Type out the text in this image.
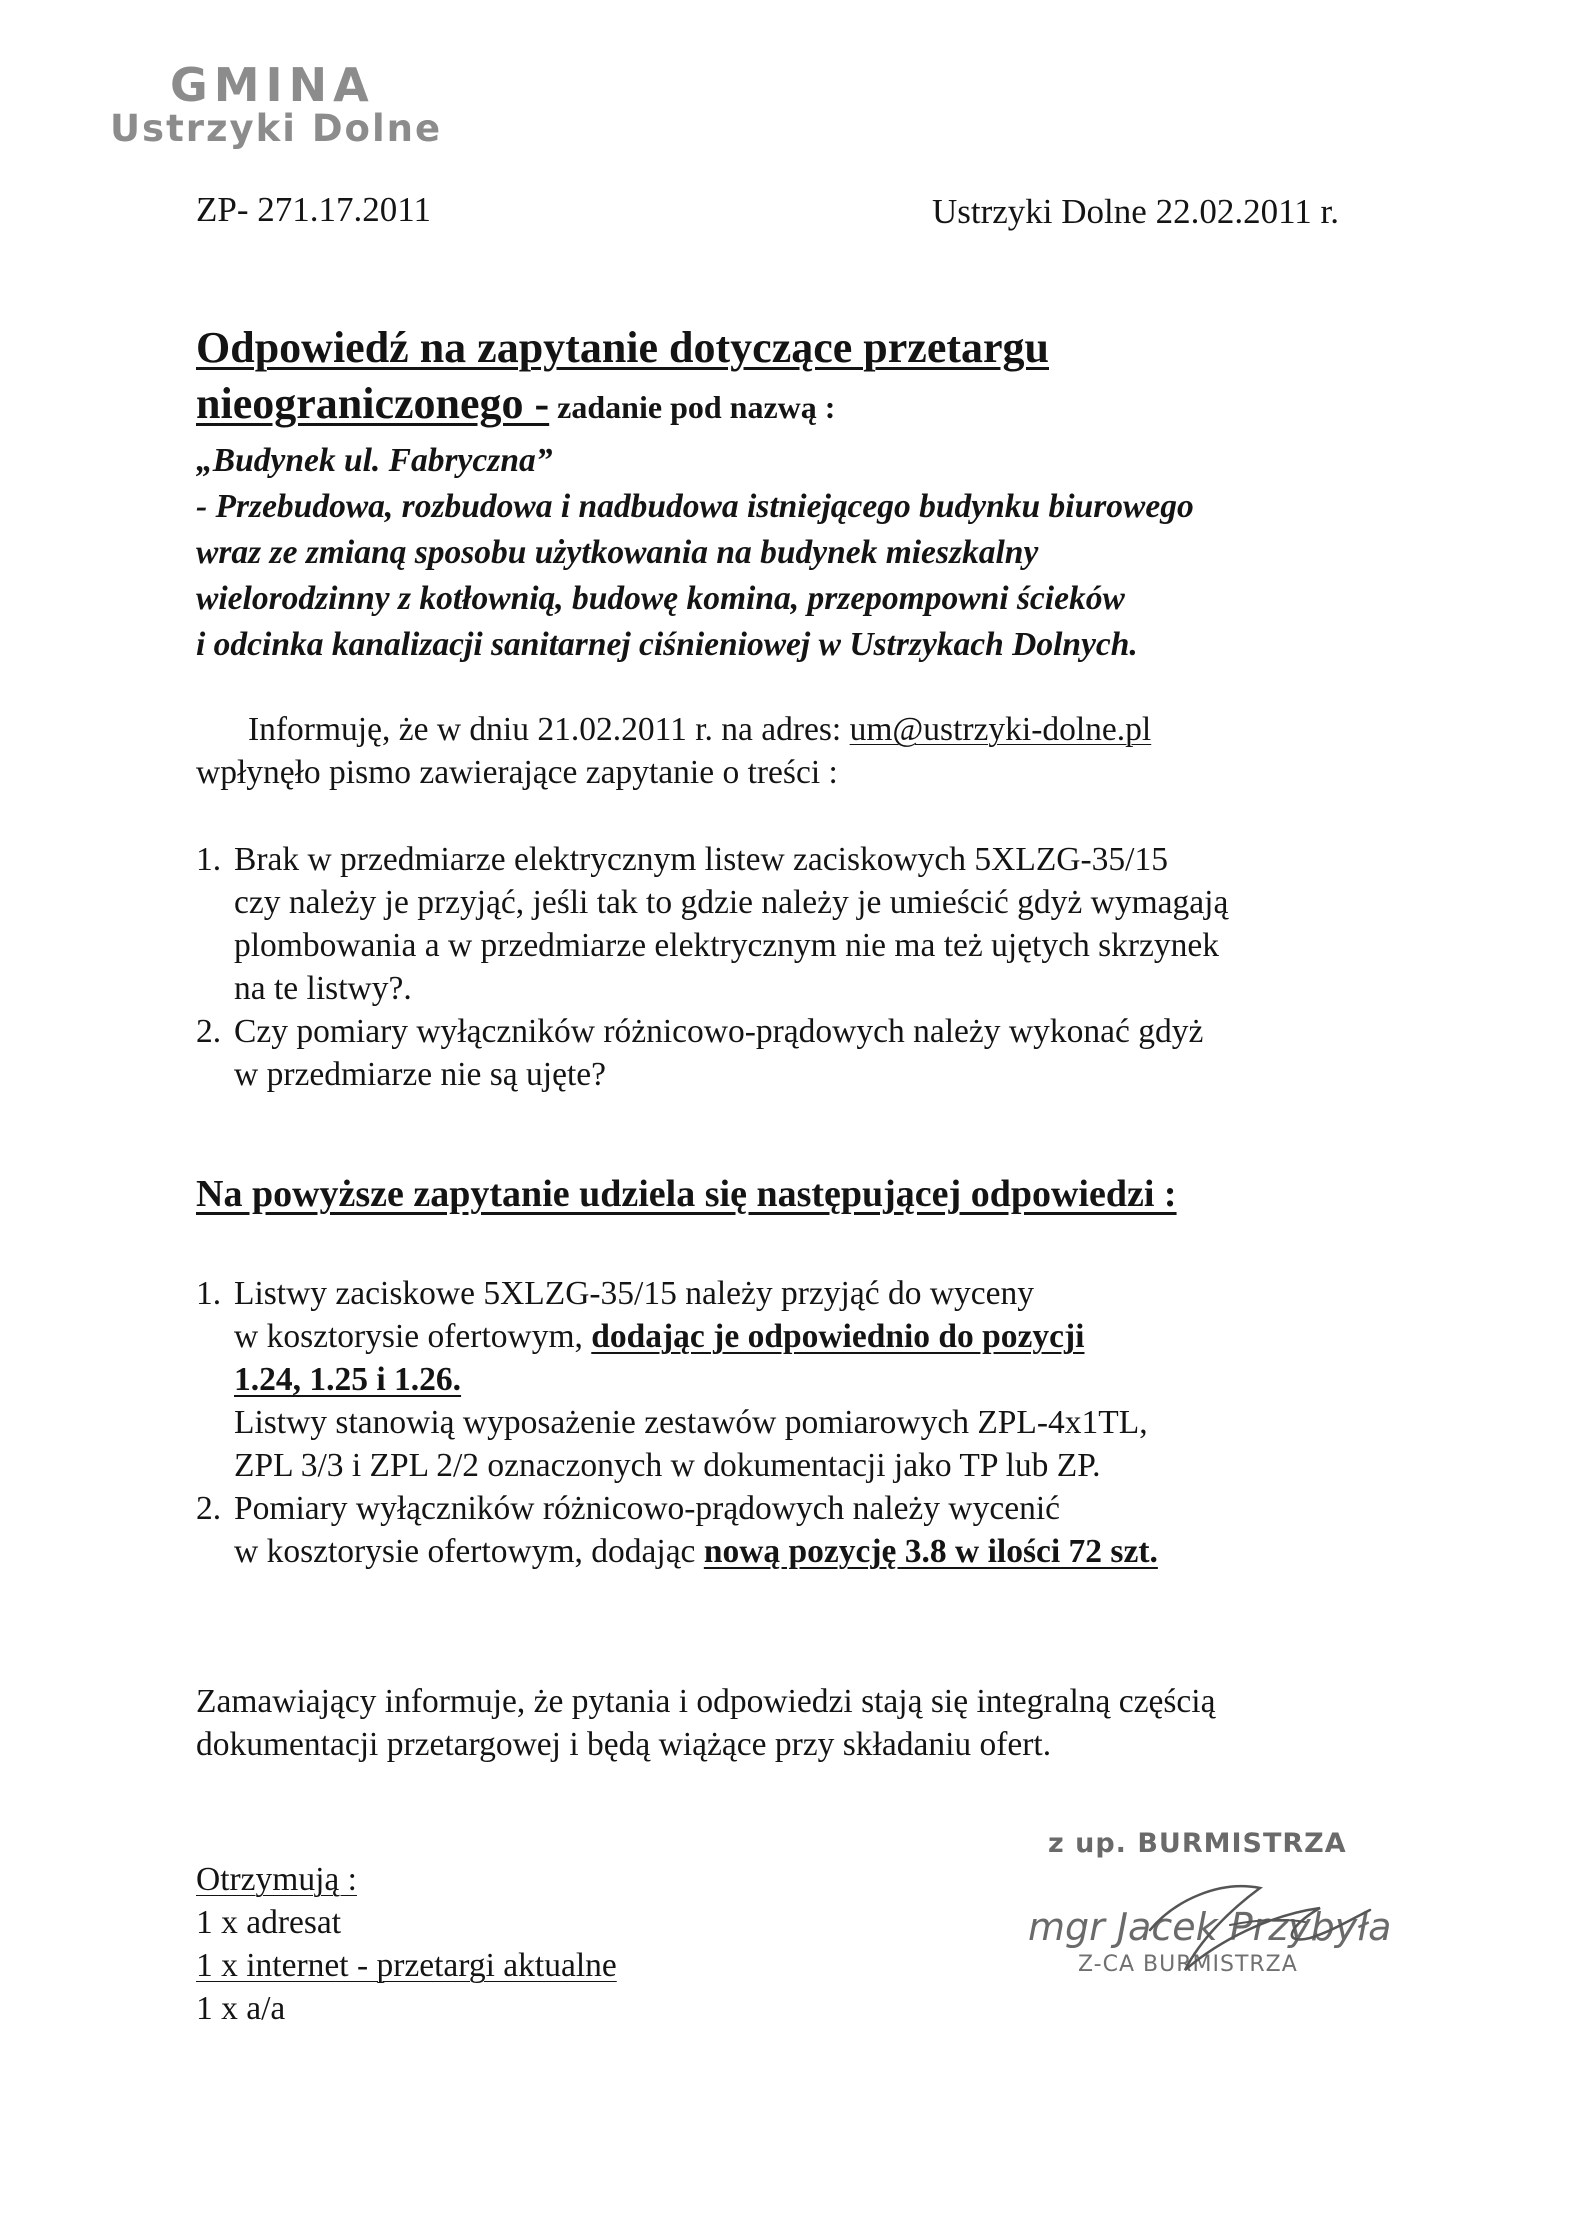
GMINA
Ustrzyki Dolne
ZP- 271.17.2011	Ustrzyki Dolne 22.02.2011 r.
Odpowiedź na zapytanie dotyczące przetargu
nieograniczonego - zadanie pod nazwą :
„Budynek ul. Fabryczna”
- Przebudowa, rozbudowa i nadbudowa istniejącego budynku biurowego
wraz ze zmianą sposobu użytkowania na budynek mieszkalny
wielorodzinny z kotłownią, budowę komina, przepompowni ścieków
i odcinka kanalizacji sanitarnej ciśnieniowej w Ustrzykach Dolnych.
Informuję, że w dniu 21.02.2011 r. na adres: um@ustrzyki-dolne.pl
wpłynęło pismo zawierające zapytanie o treści :
1. Brak w przedmiarze elektrycznym listew zaciskowych 5XLZG-35/15
czy należy je przyjąć, jeśli tak to gdzie należy je umieścić gdyż wymagają
plombowania a w przedmiarze elektrycznym nie ma też ujętych skrzynek
na te listwy?.
2. Czy pomiary wyłączników różnicowo-prądowych należy wykonać gdyż
w przedmiarze nie są ujęte?
Na powyższe zapytanie udziela się następującej odpowiedzi :
1. Listwy zaciskowe 5XLZG-35/15 należy przyjąć do wyceny
w kosztorysie ofertowym, dodając je odpowiednio do pozycji
1.24, 1.25 i 1.26.
Listwy stanowią wyposażenie zestawów pomiarowych ZPL-4x1TL,
ZPL 3/3 i ZPL 2/2 oznaczonych w dokumentacji jako TP lub ZP.
2. Pomiary wyłączników różnicowo-prądowych należy wycenić
w kosztorysie ofertowym, dodając nową pozycję 3.8 w ilości 72 szt.
Zamawiający informuje, że pytania i odpowiedzi stają się integralną częścią
dokumentacji przetargowej i będą wiążące przy składaniu ofert.
Otrzymują :
1 x adresat
1 x internet - przetargi aktualne
1 x a/a
z up. BURMISTRZA
mgr Jacek Przybyła
Z-CA BURMISTRZA
